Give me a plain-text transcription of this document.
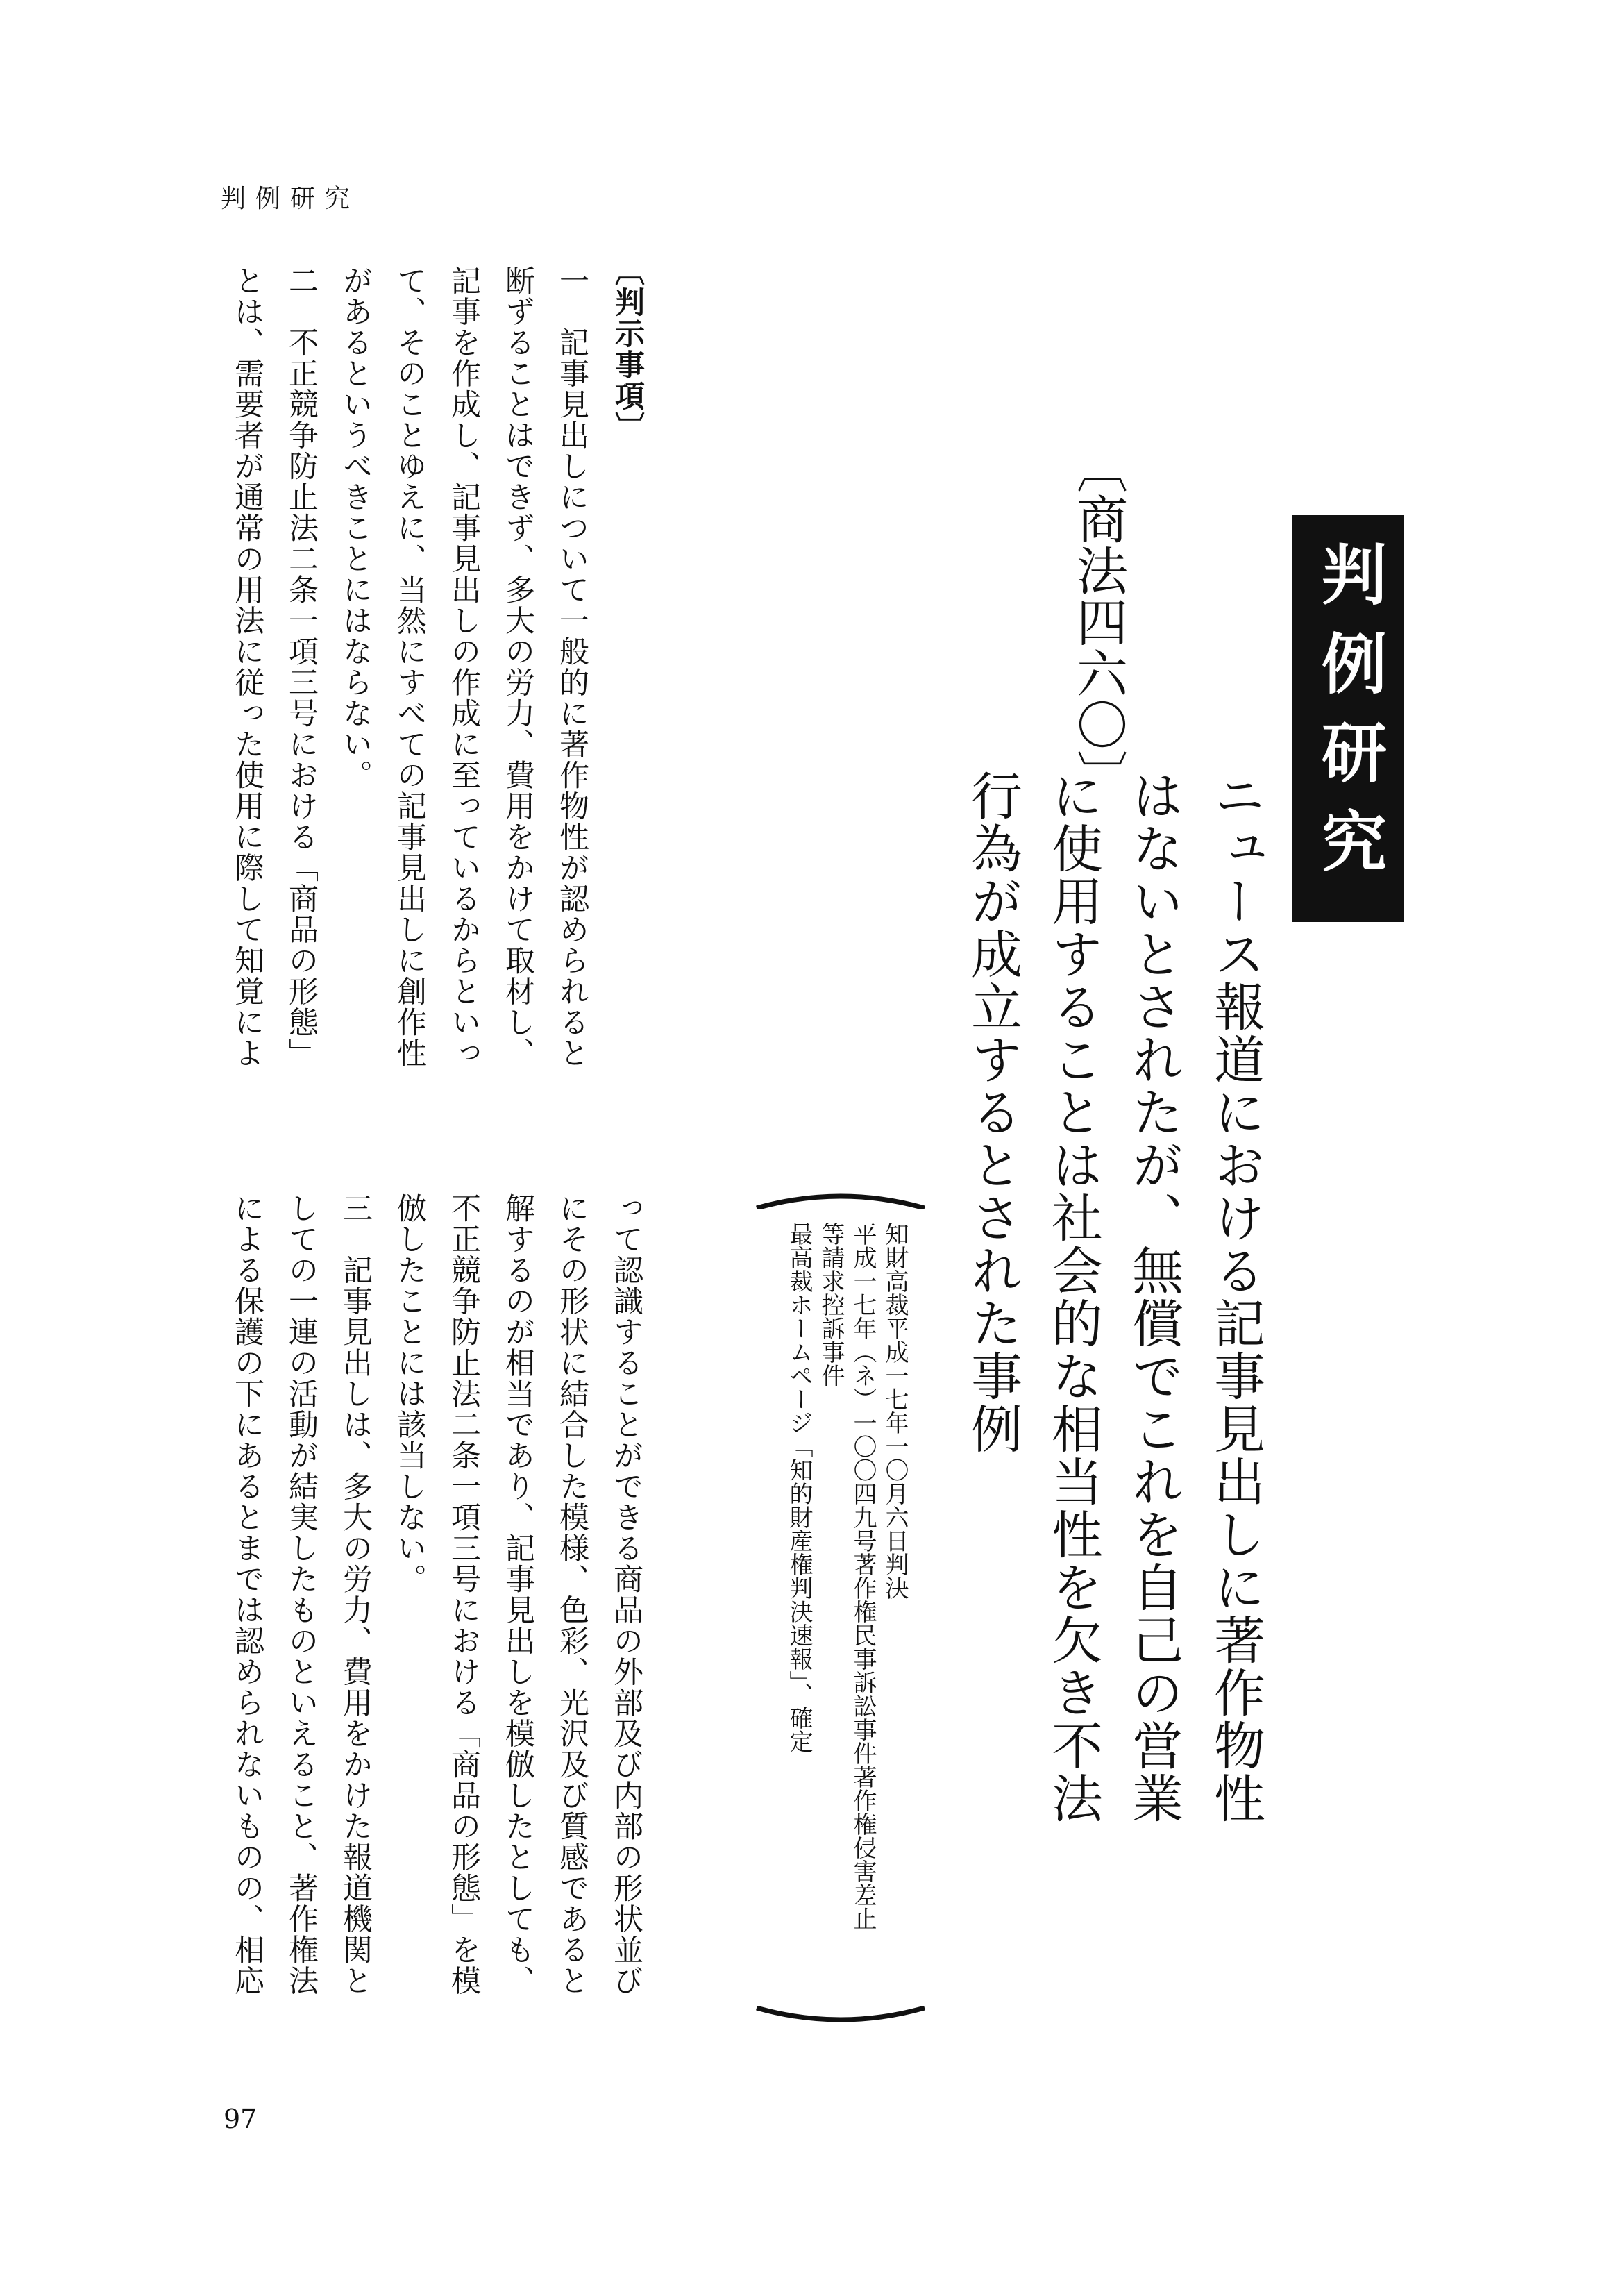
判例研究

判例研究

〔商法四六〇〕

ニュース報道における記事見出しに著作物性

はないとされたが、無償でこれを自己の営業

に使用することは社会的な相当性を欠き不法

行為が成立するとされた事例

知財高裁平成一七年一〇月六日判決

平成一七年（ネ）一〇〇四九号著作権民事訴訟事件著作権侵害差止

等請求控訴事件

最高裁ホームページ「知的財産権判決速報」、確定

〔判示事項〕

一　記事見出しについて一般的に著作物性が認められると

断ずることはできず、多大の労力、費用をかけて取材し、

記事を作成し、記事見出しの作成に至っているからといっ

て、そのことゆえに、当然にすべての記事見出しに創作性

があるというべきことにはならない。

二　不正競争防止法二条一項三号における「商品の形態」

とは、需要者が通常の用法に従った使用に際して知覚によ

って認識することができる商品の外部及び内部の形状並び

にその形状に結合した模様、色彩、光沢及び質感であると

解するのが相当であり、記事見出しを模倣したとしても、

不正競争防止法二条一項三号における「商品の形態」を模

倣したことには該当しない。

三　記事見出しは、多大の労力、費用をかけた報道機関と

しての一連の活動が結実したものといえること、著作権法

による保護の下にあるとまでは認められないものの、相応

97
